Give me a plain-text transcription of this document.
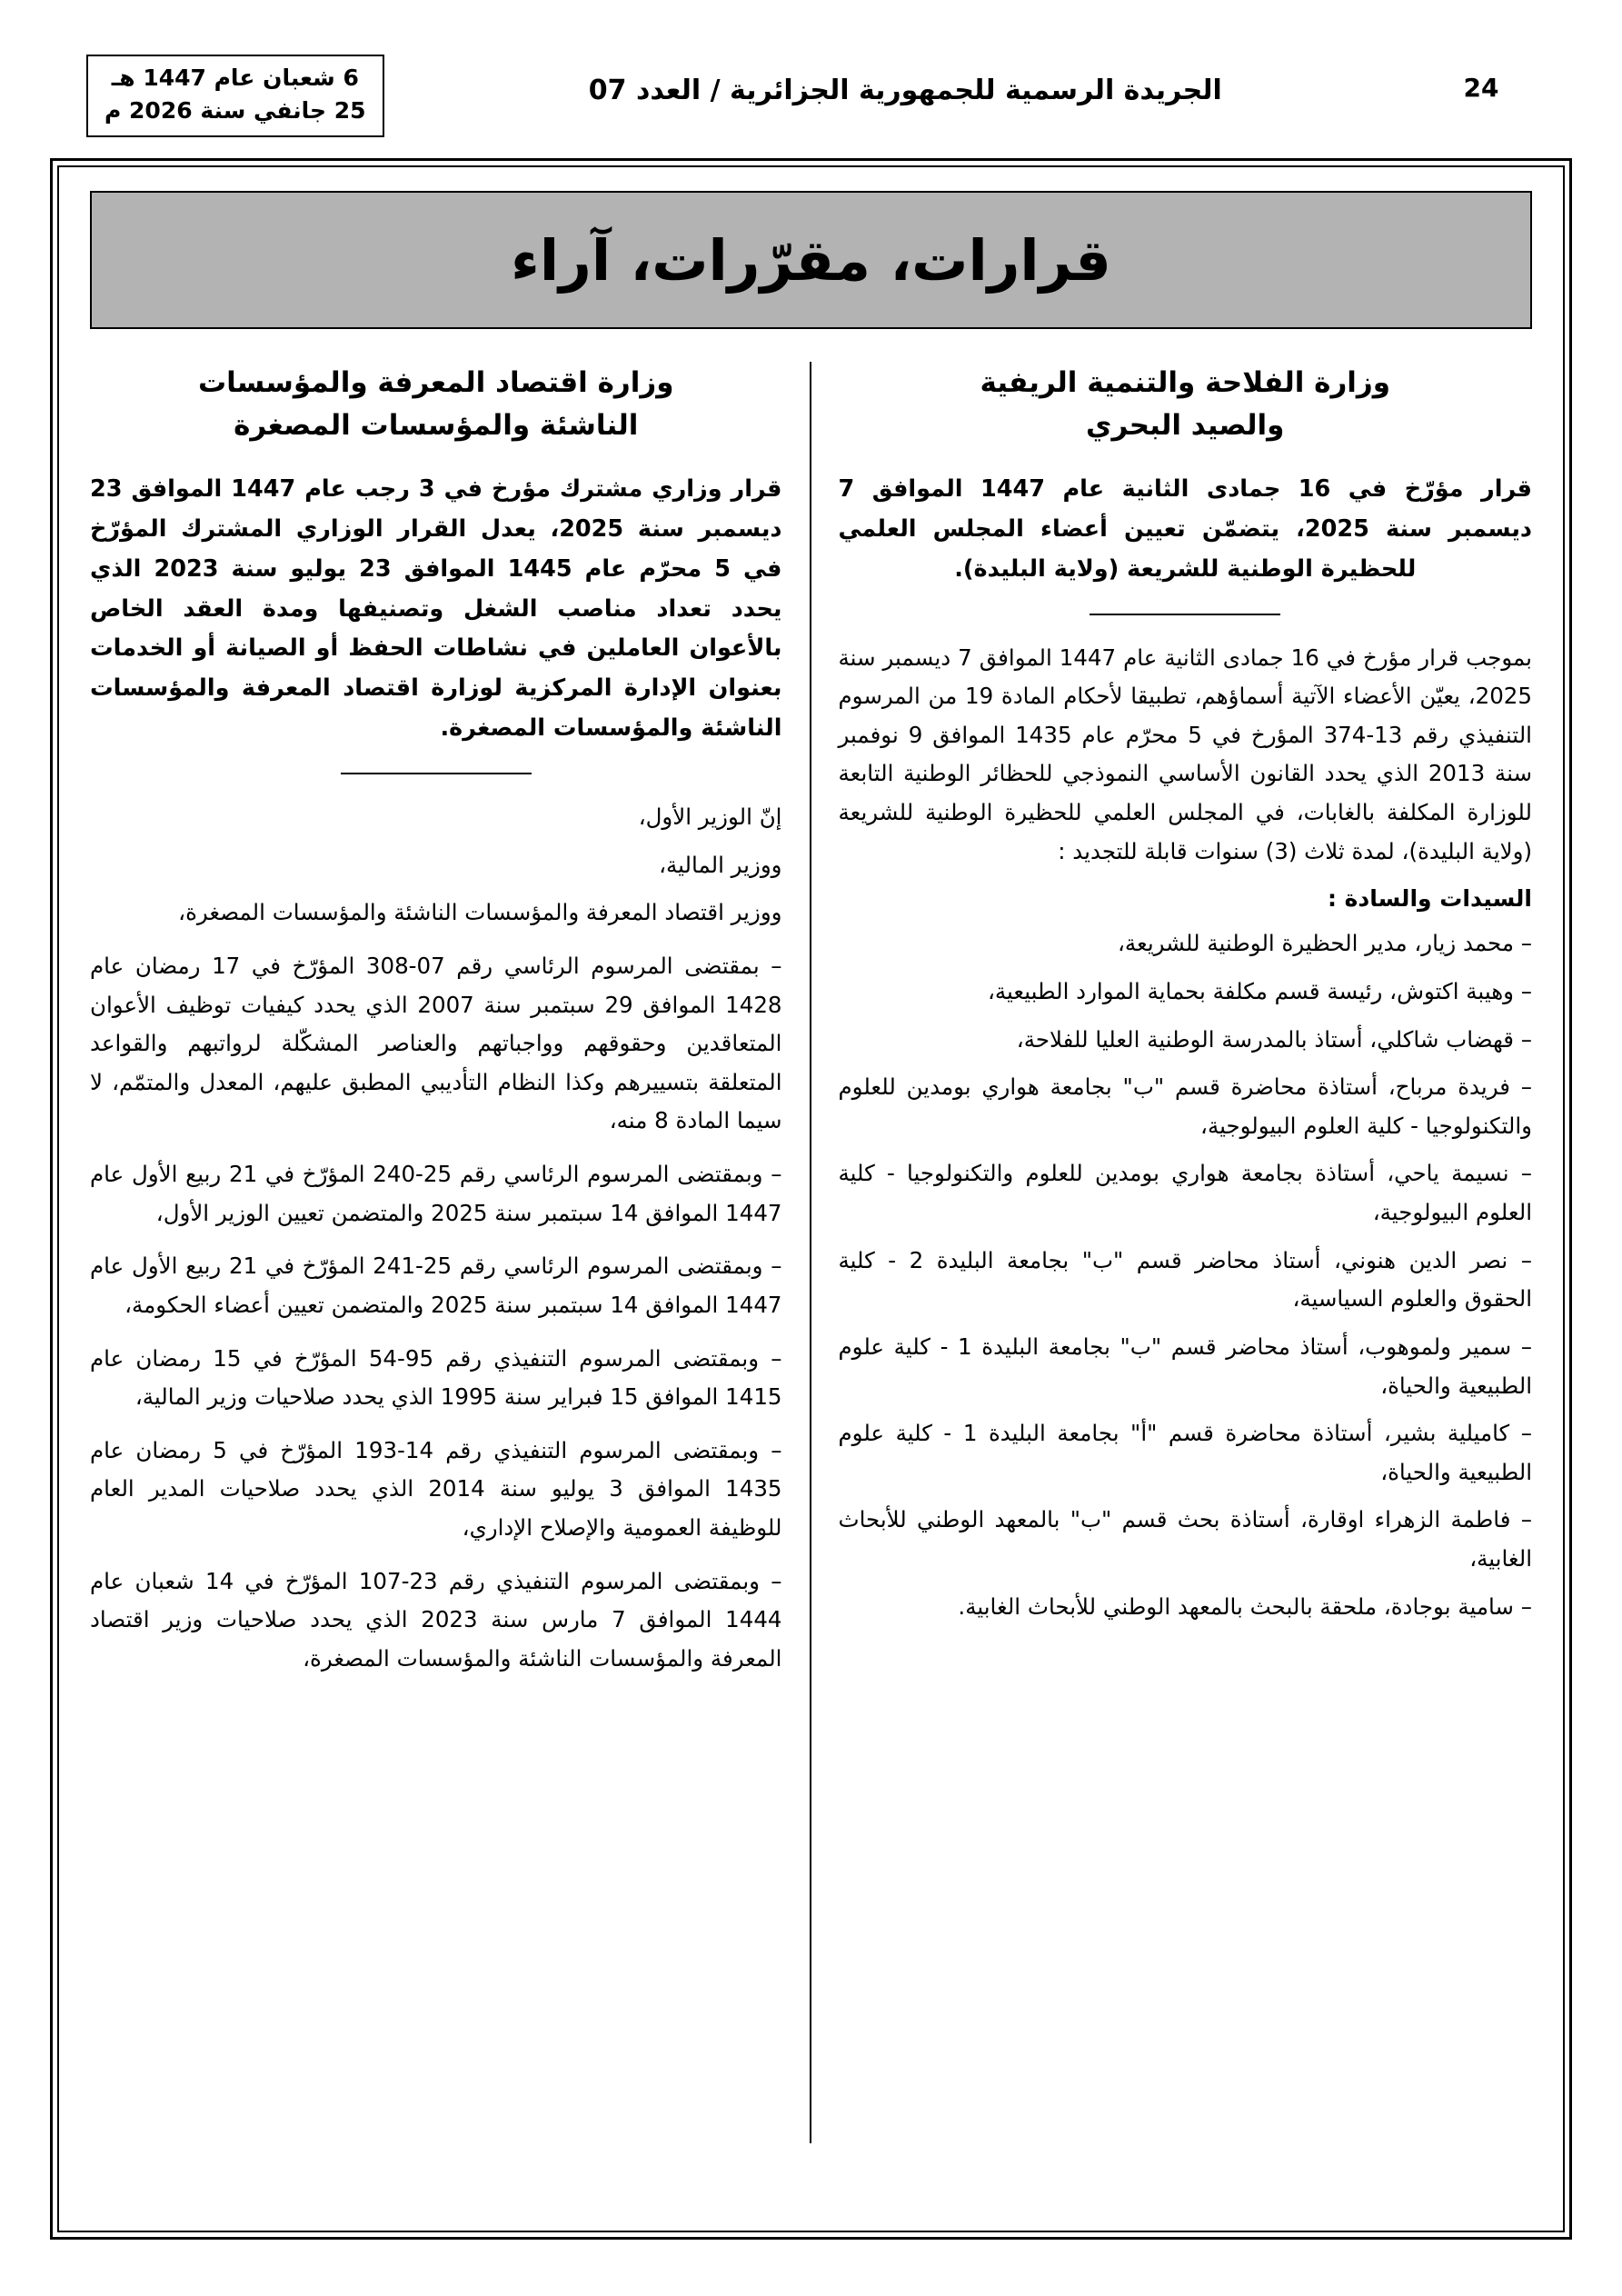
6 شعبان عام 1447 هـ
25 جانفي سنة 2026 م
الجريدة الرسمية للجمهورية الجزائرية / العدد 07	24
قرارات، مقرّرات، آراء
وزارة الفلاحة والتنمية الريفية
والصيد البحري
قرار مؤرّخ في 16 جمادى الثانية عام 1447 الموافق 7 ديسمبر سنة 2025، يتضمّن تعيين أعضاء المجلس العلمي للحظيرة الوطنية للشريعة (ولاية البليدة).

بموجب قرار مؤرخ في 16 جمادى الثانية عام 1447 الموافق 7 ديسمبر سنة 2025، يعيّن الأعضاء الآتية أسماؤهم، تطبيقا لأحكام المادة 19 من المرسوم التنفيذي رقم 13-374 المؤرخ في 5 محرّم عام 1435 الموافق 9 نوفمبر سنة 2013 الذي يحدد القانون الأساسي النموذجي للحظائر الوطنية التابعة للوزارة المكلفة بالغابات، في المجلس العلمي للحظيرة الوطنية للشريعة (ولاية البليدة)، لمدة ثلاث (3) سنوات قابلة للتجديد :

السيدات والسادة :

– محمد زيار، مدير الحظيرة الوطنية للشريعة،

– وهيبة اكتوش، رئيسة قسم مكلفة بحماية الموارد الطبيعية،

– قهضاب شاكلي، أستاذ بالمدرسة الوطنية العليا للفلاحة،

– فريدة مرباح، أستاذة محاضرة قسم "ب" بجامعة هواري بومدين للعلوم والتكنولوجيا - كلية العلوم البيولوجية،

– نسيمة ياحي، أستاذة بجامعة هواري بومدين للعلوم والتكنولوجيا - كلية العلوم البيولوجية،

– نصر الدين هنوني، أستاذ محاضر قسم "ب" بجامعة البليدة 2 - كلية الحقوق والعلوم السياسية،

– سمير ولموهوب، أستاذ محاضر قسم "ب" بجامعة البليدة 1 - كلية علوم الطبيعية والحياة،

– كاميلية بشير، أستاذة محاضرة قسم "أ" بجامعة البليدة 1 - كلية علوم الطبيعية والحياة،

– فاطمة الزهراء اوقارة، أستاذة بحث قسم "ب" بالمعهد الوطني للأبحاث الغابية،

– سامية بوجادة، ملحقة بالبحث بالمعهد الوطني للأبحاث الغابية.

وزارة اقتصاد المعرفة والمؤسسات
الناشئة والمؤسسات المصغرة
قرار وزاري مشترك مؤرخ في 3 رجب عام 1447 الموافق 23 ديسمبر سنة 2025، يعدل القرار الوزاري المشترك المؤرّخ في 5 محرّم عام 1445 الموافق 23 يوليو سنة 2023 الذي يحدد تعداد مناصب الشغل وتصنيفها ومدة العقد الخاص بالأعوان العاملين في نشاطات الحفظ أو الصيانة أو الخدمات بعنوان الإدارة المركزية لوزارة اقتصاد المعرفة والمؤسسات الناشئة والمؤسسات المصغرة.

إنّ الوزير الأول،

ووزير المالية،

ووزير اقتصاد المعرفة والمؤسسات الناشئة والمؤسسات المصغرة،

– بمقتضى المرسوم الرئاسي رقم 07-308 المؤرّخ في 17 رمضان عام 1428 الموافق 29 سبتمبر سنة 2007 الذي يحدد كيفيات توظيف الأعوان المتعاقدين وحقوقهم وواجباتهم والعناصر المشكّلة لرواتبهم والقواعد المتعلقة بتسييرهم وكذا النظام التأديبي المطبق عليهم، المعدل والمتمّم، لا سيما المادة 8 منه،

– وبمقتضى المرسوم الرئاسي رقم 25-240 المؤرّخ في 21 ربيع الأول عام 1447 الموافق 14 سبتمبر سنة 2025 والمتضمن تعيين الوزير الأول،

– وبمقتضى المرسوم الرئاسي رقم 25-241 المؤرّخ في 21 ربيع الأول عام 1447 الموافق 14 سبتمبر سنة 2025 والمتضمن تعيين أعضاء الحكومة،

– وبمقتضى المرسوم التنفيذي رقم 95-54 المؤرّخ في 15 رمضان عام 1415 الموافق 15 فبراير سنة 1995 الذي يحدد صلاحيات وزير المالية،

– وبمقتضى المرسوم التنفيذي رقم 14-193 المؤرّخ في 5 رمضان عام 1435 الموافق 3 يوليو سنة 2014 الذي يحدد صلاحيات المدير العام للوظيفة العمومية والإصلاح الإداري،

– وبمقتضى المرسوم التنفيذي رقم 23-107 المؤرّخ في 14 شعبان عام 1444 الموافق 7 مارس سنة 2023 الذي يحدد صلاحيات وزير اقتصاد المعرفة والمؤسسات الناشئة والمؤسسات المصغرة،
